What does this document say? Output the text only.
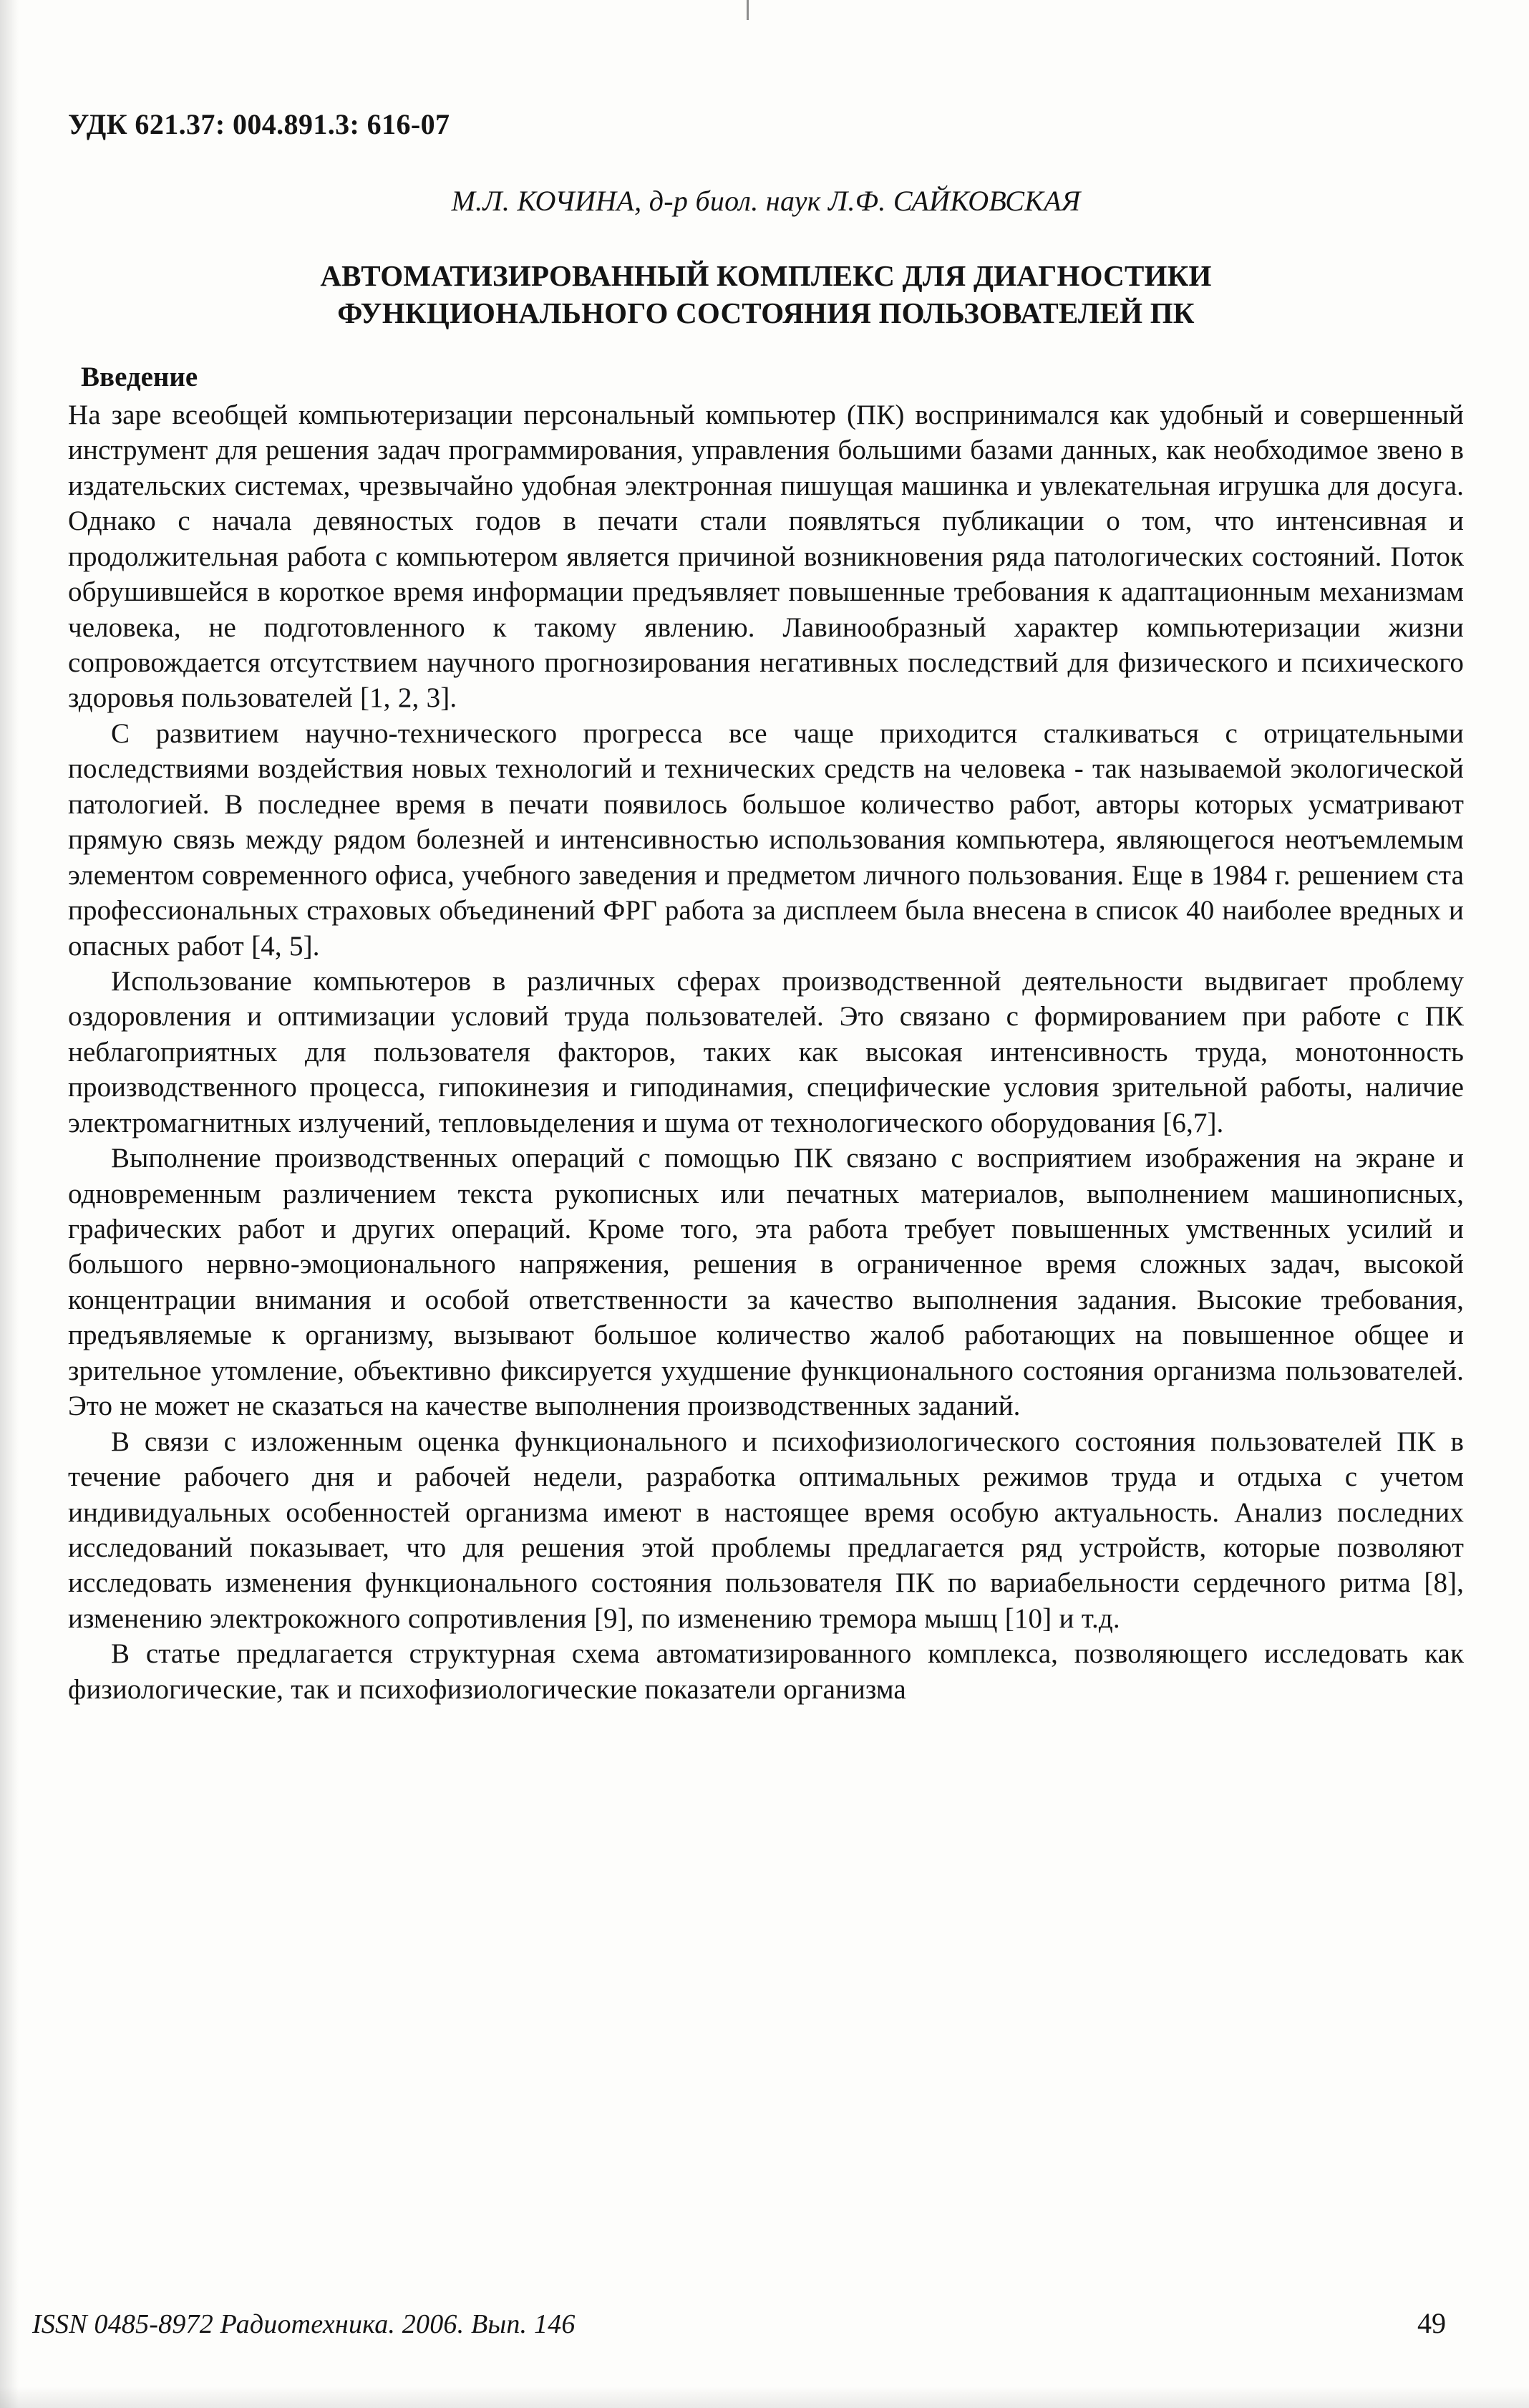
УДК 621.37: 004.891.3: 616-07
М.Л. КОЧИНА, д-р биол. наук Л.Ф. САЙКОВСКАЯ
АВТОМАТИЗИРОВАННЫЙ КОМПЛЕКС ДЛЯ ДИАГНОСТИКИ
ФУНКЦИОНАЛЬНОГО СОСТОЯНИЯ ПОЛЬЗОВАТЕЛЕЙ ПК
Введение

На заре всеобщей компьютеризации персональный компьютер (ПК) воспринимался как удобный и совершенный инструмент для решения задач программирования, управления большими базами данных, как необходимое звено в издательских системах, чрезвычайно удобная электронная пишущая машинка и увлекательная игрушка для досуга. Однако с начала девяностых годов в печати стали появляться публикации о том, что интенсивная и продолжительная работа с компьютером является причиной возникновения ряда патологических состояний. Поток обрушившейся в короткое время информации предъявляет повышенные требования к адаптационным механизмам человека, не подготовленного к такому явлению. Лавинообразный характер компьютеризации жизни сопровождается отсутствием научного прогнозирования негативных последствий для физического и психического здоровья пользователей [1, 2, 3].

С развитием научно-технического прогресса все чаще приходится сталкиваться с отрицательными последствиями воздействия новых технологий и технических средств на человека - так называемой экологической патологией. В последнее время в печати появилось большое количество работ, авторы которых усматривают прямую связь между рядом болезней и интенсивностью использования компьютера, являющегося неотъемлемым элементом современного офиса, учебного заведения и предметом личного пользования. Еще в 1984 г. решением ста профессиональных страховых объединений ФРГ работа за дисплеем была внесена в список 40 наиболее вредных и опасных работ [4, 5].

Использование компьютеров в различных сферах производственной деятельности выдвигает проблему оздоровления и оптимизации условий труда пользователей. Это связано с формированием при работе с ПК неблагоприятных для пользователя факторов, таких как высокая интенсивность труда, монотонность производственного процесса, гипокинезия и гиподинамия, специфические условия зрительной работы, наличие электромагнитных излучений, тепловыделения и шума от технологического оборудования [6,7].

Выполнение производственных операций с помощью ПК связано с восприятием изображения на экране и одновременным различением текста рукописных или печатных материалов, выполнением машинописных, графических работ и других операций. Кроме того, эта работа требует повышенных умственных усилий и большого нервно-эмоционального напряжения, решения в ограниченное время сложных задач, высокой концентрации внимания и особой ответственности за качество выполнения задания. Высокие требования, предъявляемые к организму, вызывают большое количество жалоб работающих на повышенное общее и зрительное утомление, объективно фиксируется ухудшение функционального состояния организма пользователей. Это не может не сказаться на качестве выполнения производственных заданий.

В связи с изложенным оценка функционального и психофизиологического состояния пользователей ПК в течение рабочего дня и рабочей недели, разработка оптимальных режимов труда и отдыха с учетом индивидуальных особенностей организма имеют в настоящее время особую актуальность. Анализ последних исследований показывает, что для решения этой проблемы предлагается ряд устройств, которые позволяют исследовать изменения функционального состояния пользователя ПК по вариабельности сердечного ритма [8], изменению электрокожного сопротивления [9], по изменению тремора мышц [10] и т.д.

В статье предлагается структурная схема автоматизированного комплекса, позволяющего исследовать как физиологические, так и психофизиологические показатели организма

ISSN 0485-8972 Радиотехника. 2006. Вып. 146	49
